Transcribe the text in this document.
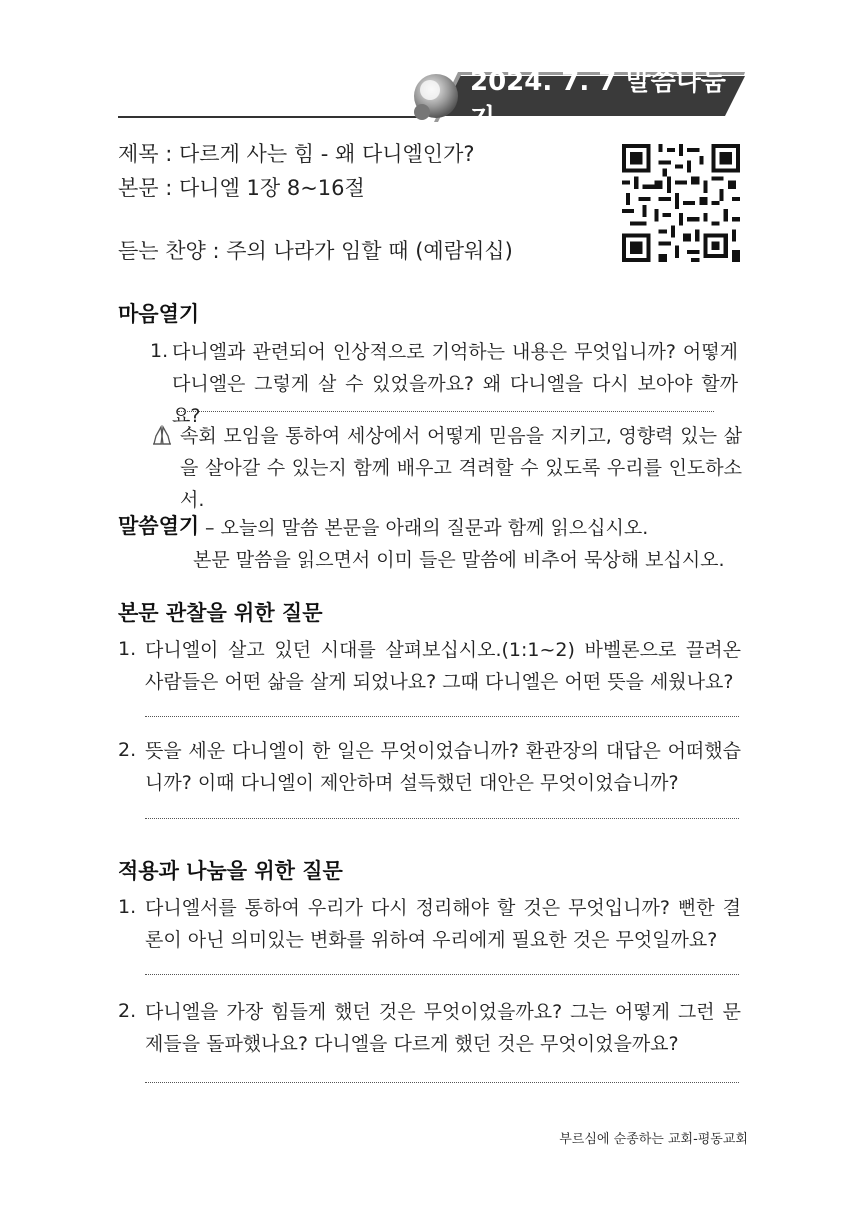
2024. 7. 7 말씀나눔지
제목 : 다르게 사는 힘 - 왜 다니엘인가?
본문 : 다니엘 1장 8~16절
듣는 찬양 : 주의 나라가 임할 때 (예람워십)
마음열기
1. 다니엘과 관련되어 인상적으로 기억하는 내용은 무엇입니까? 어떻게 다니엘은 그렇게 살 수 있었을까요? 왜 다니엘을 다시 보아야 할까요?
속회 모임을 통하여 세상에서 어떻게 믿음을 지키고, 영향력 있는 삶을 살아갈 수 있는지 함께 배우고 격려할 수 있도록 우리를 인도하소서.
말씀열기 – 오늘의 말씀 본문을 아래의 질문과 함께 읽으십시오.
본문 말씀을 읽으면서 이미 들은 말씀에 비추어 묵상해 보십시오.
본문 관찰을 위한 질문
1. 다니엘이 살고 있던 시대를 살펴보십시오.(1:1~2) 바벨론으로 끌려온 사람들은 어떤 삶을 살게 되었나요? 그때 다니엘은 어떤 뜻을 세웠나요?
2. 뜻을 세운 다니엘이 한 일은 무엇이었습니까? 환관장의 대답은 어떠했습니까? 이때 다니엘이 제안하며 설득했던 대안은 무엇이었습니까?
적용과 나눔을 위한 질문
1. 다니엘서를 통하여 우리가 다시 정리해야 할 것은 무엇입니까? 뻔한 결론이 아닌 의미있는 변화를 위하여 우리에게 필요한 것은 무엇일까요?
2. 다니엘을 가장 힘들게 했던 것은 무엇이었을까요? 그는 어떻게 그런 문제들을 돌파했나요? 다니엘을 다르게 했던 것은 무엇이었을까요?
부르심에 순종하는 교회-평동교회
